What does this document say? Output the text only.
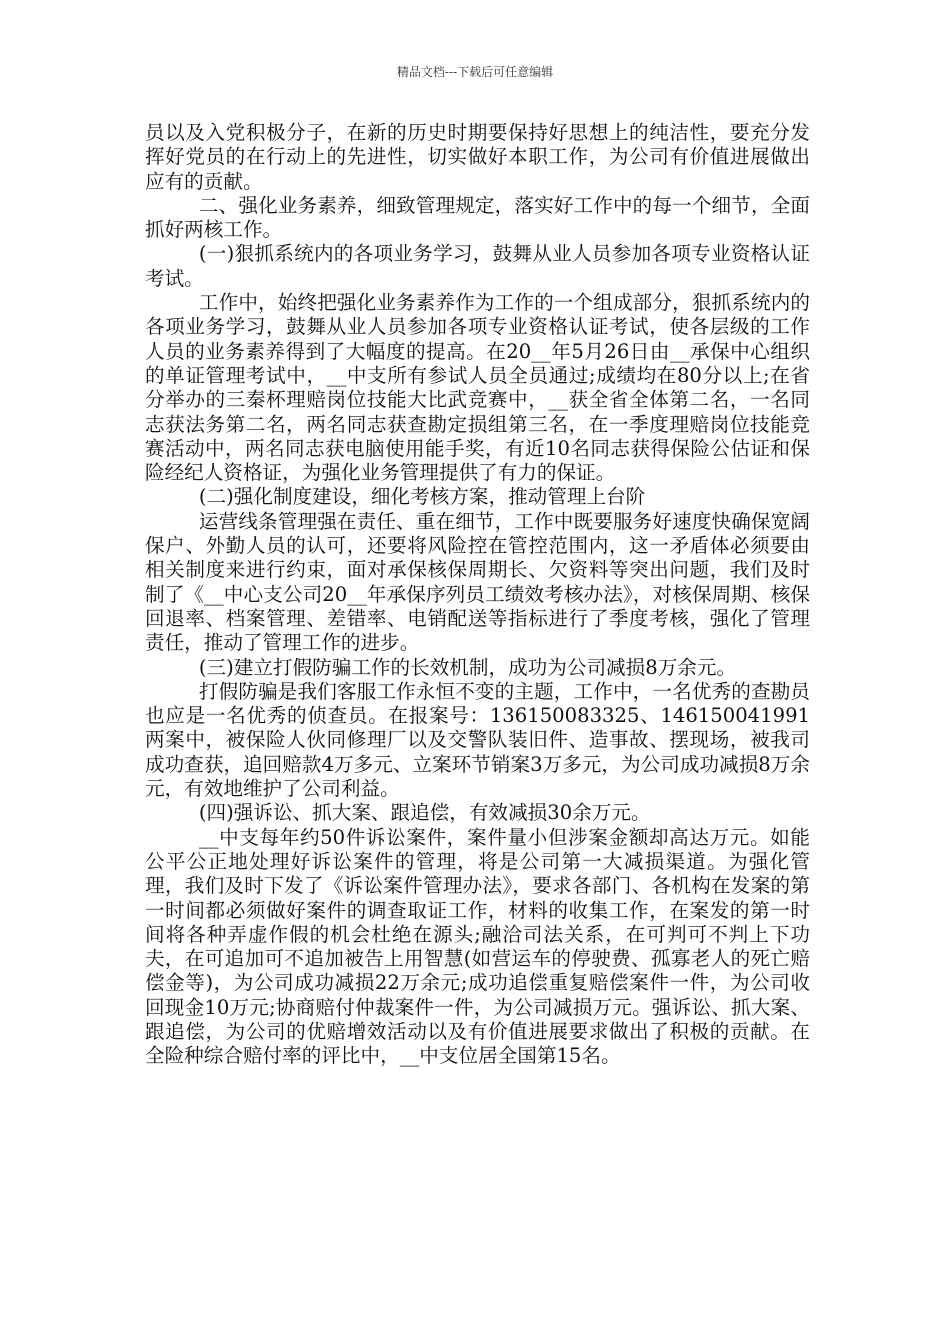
精品文档---下载后可任意编辑

员以及入党积极分子，在新的历史时期要保持好思想上的纯洁性，要充分发挥好党员的在行动上的先进性，切实做好本职工作，为公司有价值进展做出应有的贡献。

二、强化业务素养，细致管理规定，落实好工作中的每一个细节，全面抓好两核工作。

(一)狠抓系统内的各项业务学习，鼓舞从业人员参加各项专业资格认证考试。

工作中，始终把强化业务素养作为工作的一个组成部分，狠抓系统内的各项业务学习，鼓舞从业人员参加各项专业资格认证考试，使各层级的工作人员的业务素养得到了大幅度的提高。在20__年5月26日由__承保中心组织的单证管理考试中，__中支所有参试人员全员通过;成绩均在80分以上;在省分举办的三秦杯理赔岗位技能大比武竞赛中，__获全省全体第二名，一名同志获法务第二名，两名同志获查勘定损组第三名，在一季度理赔岗位技能竞赛活动中，两名同志获电脑使用能手奖，有近10名同志获得保险公估证和保险经纪人资格证，为强化业务管理提供了有力的保证。

(二)强化制度建设，细化考核方案，推动管理上台阶

运营线条管理强在责任、重在细节，工作中既要服务好速度快确保宽阔保户、外勤人员的认可，还要将风险控在管控范围内，这一矛盾体必须要由相关制度来进行约束，面对承保核保周期长、欠资料等突出问题，我们及时制了《__中心支公司20__年承保序列员工绩效考核办法》，对核保周期、核保回退率、档案管理、差错率、电销配送等指标进行了季度考核，强化了管理责任，推动了管理工作的进步。

(三)建立打假防骗工作的长效机制，成功为公司减损8万余元。

打假防骗是我们客服工作永恒不变的主题，工作中，一名优秀的查勘员也应是一名优秀的侦查员。在报案号：136150083325、146150041991两案中，被保险人伙同修理厂以及交警队装旧件、造事故、摆现场，被我司成功查获，追回赔款4万多元、立案环节销案3万多元，为公司成功减损8万余元，有效地维护了公司利益。

(四)强诉讼、抓大案、跟追偿，有效减损30余万元。

__中支每年约50件诉讼案件，案件量小但涉案金额却高达万元。如能公平公正地处理好诉讼案件的管理，将是公司第一大减损渠道。为强化管理，我们及时下发了《诉讼案件管理办法》，要求各部门、各机构在发案的第一时间都必须做好案件的调查取证工作，材料的收集工作，在案发的第一时间将各种弄虚作假的机会杜绝在源头;融洽司法关系，在可判可不判上下功夫，在可追加可不追加被告上用智慧(如营运车的停驶费、孤寡老人的死亡赔偿金等)，为公司成功减损22万余元;成功追偿重复赔偿案件一件，为公司收回现金10万元;协商赔付仲裁案件一件，为公司减损万元。强诉讼、抓大案、跟追偿，为公司的优赔增效活动以及有价值进展要求做出了积极的贡献。在全险种综合赔付率的评比中，__中支位居全国第15名。
